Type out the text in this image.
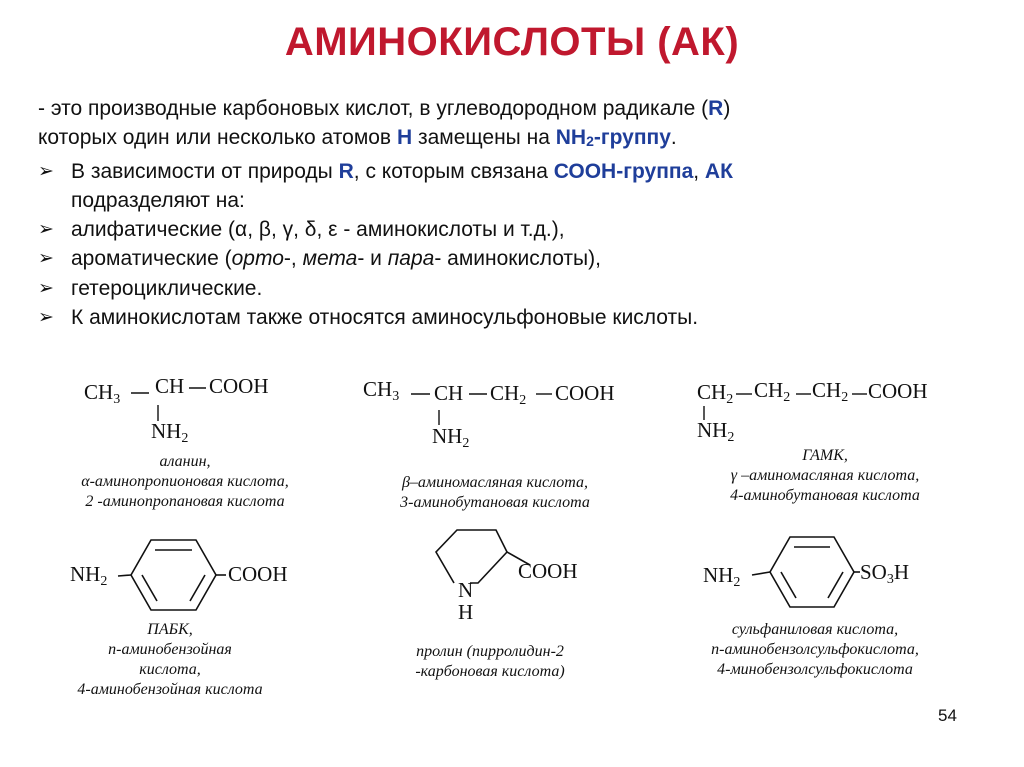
АМИНОКИСЛОТЫ (АК)
- это производные карбоновых кислот, в углеводородном радикале (R)
которых один или несколько атомов Н замещены на $NH_2$-группу.
➢ В зависимости от природы R, с которым связана СООН-группа, АК
подразделяют на:
➢ алифатические (α, β, γ, δ, ε - аминокислоты и т.д.),
➢ ароматические (орто-, мета- и пара- аминокислоты),
➢ гетероциклические.
➢ К аминокислотам также относятся аминосульфоновые кислоты.
CH3
CH COOH
NH2
CH3 CH CH2 COOH
NH2
CH2 CH2 CH2 COOH
NH2
NH2	COOH
N
H
COOH	NH2	SO3H
аланин,
α-аминопропионовая кислота,
2 -аминопропановая кислота
β–аминомасляная кислота,
3-аминобутановая кислота
ГАМК,
γ –аминомасляная кислота,
4-аминобутановая кислота
ПАБК,
п-аминобензойная
кислота,
4-аминобензойная кислота
пролин (пирролидин-2
-карбоновая кислота)
сульфаниловая кислота,
п-аминобензолсульфокислота,
4-минобензолсульфокислота
54
